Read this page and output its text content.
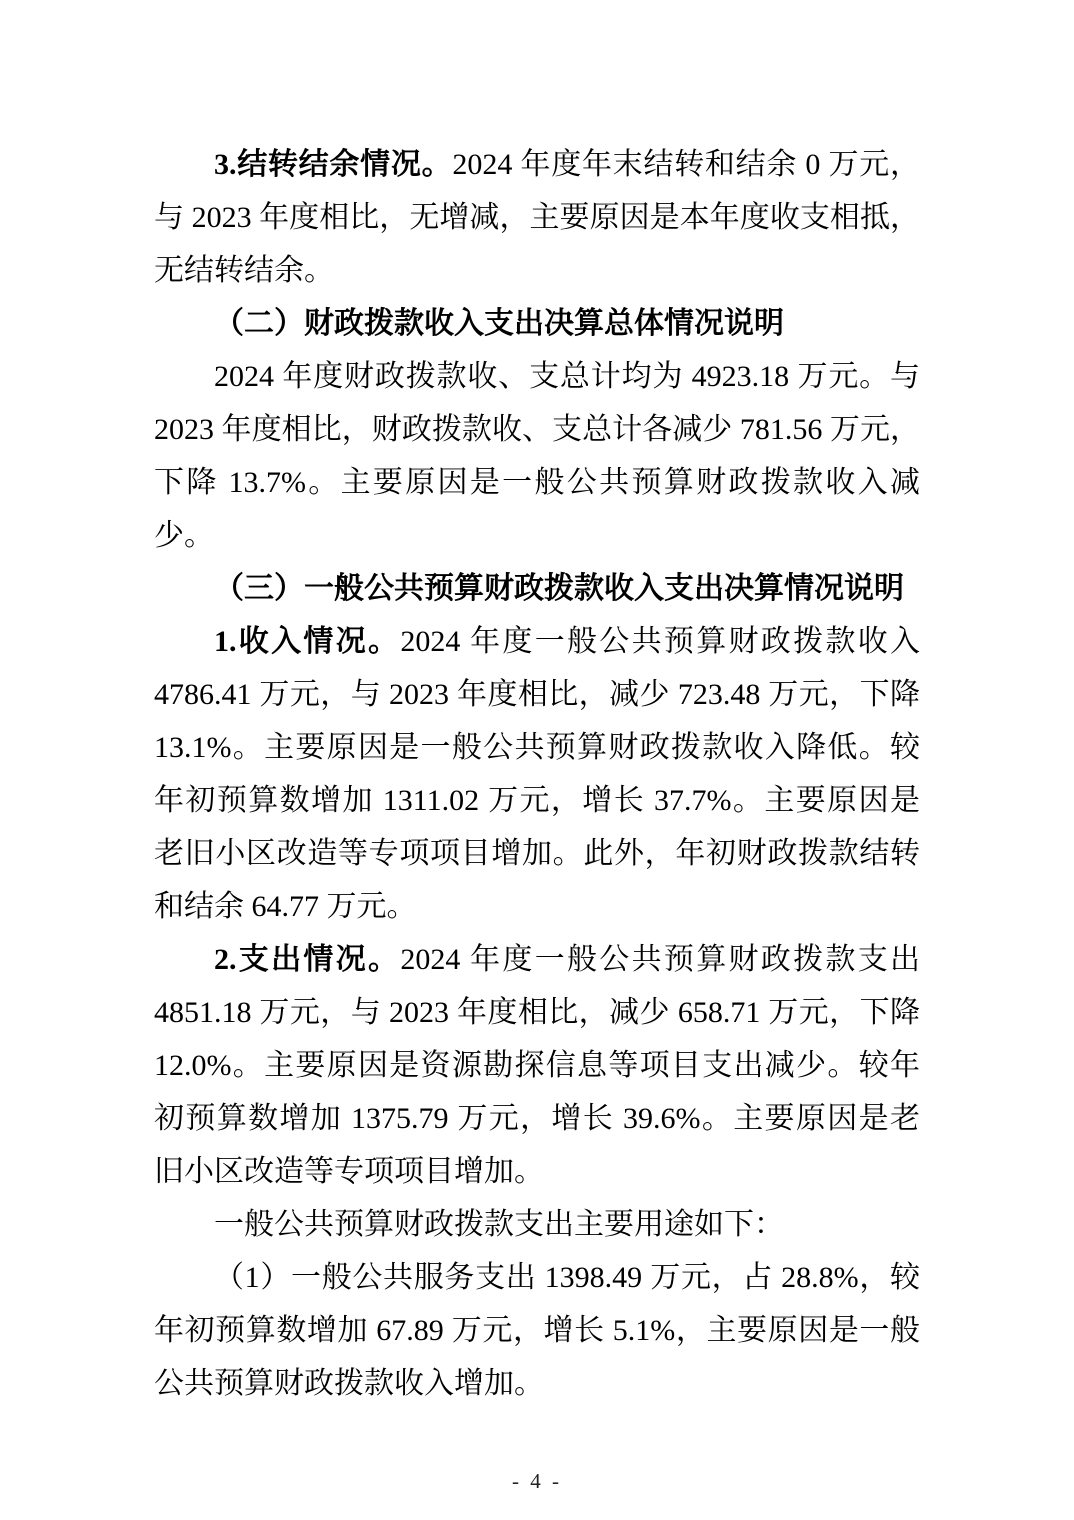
3.结转结余情况。2024 年度年末结转和结余 0 万元，与 2023 年度相比，无增减，主要原因是本年度收支相抵，无结转结余。

（二）财政拨款收入支出决算总体情况说明

2024 年度财政拨款收、支总计均为 4923.18 万元。与 2023 年度相比，财政拨款收、支总计各减少 781.56 万元，下降 13.7%。主要原因是一般公共预算财政拨款收入减少。

（三）一般公共预算财政拨款收入支出决算情况说明

1.收入情况。2024 年度一般公共预算财政拨款收入 4786.41 万元，与 2023 年度相比，减少 723.48 万元，下降 13.1%。主要原因是一般公共预算财政拨款收入降低。较年初预算数增加 1311.02 万元，增长 37.7%。主要原因是老旧小区改造等专项项目增加。此外，年初财政拨款结转和结余 64.77 万元。

2.支出情况。2024 年度一般公共预算财政拨款支出 4851.18 万元，与 2023 年度相比，减少 658.71 万元，下降 12.0%。主要原因是资源勘探信息等项目支出减少。较年初预算数增加 1375.79 万元，增长 39.6%。主要原因是老旧小区改造等专项项目增加。

一般公共预算财政拨款支出主要用途如下：

（1）一般公共服务支出 1398.49 万元，占 28.8%，较年初预算数增加 67.89 万元，增长 5.1%，主要原因是一般公共预算财政拨款收入增加。

- 4 -
